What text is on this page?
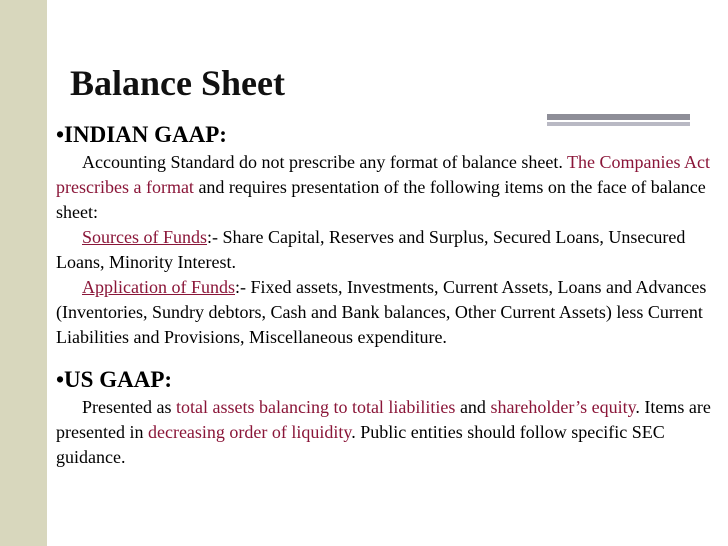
Balance Sheet
•INDIAN GAAP:

Accounting Standard do not prescribe any format of balance sheet. The Companies Act prescribes a format and requires presentation of the following items on the face of balance sheet:

Sources of Funds:- Share Capital, Reserves and Surplus, Secured Loans, Unsecured Loans, Minority Interest.

Application of Funds:- Fixed assets, Investments, Current Assets, Loans and Advances (Inventories, Sundry debtors, Cash and Bank balances, Other Current Assets) less Current Liabilities and Provisions, Miscellaneous expenditure.

•US GAAP:

Presented as total assets balancing to total liabilities and shareholder’s equity. Items are presented in decreasing order of liquidity. Public entities should follow specific SEC guidance.
